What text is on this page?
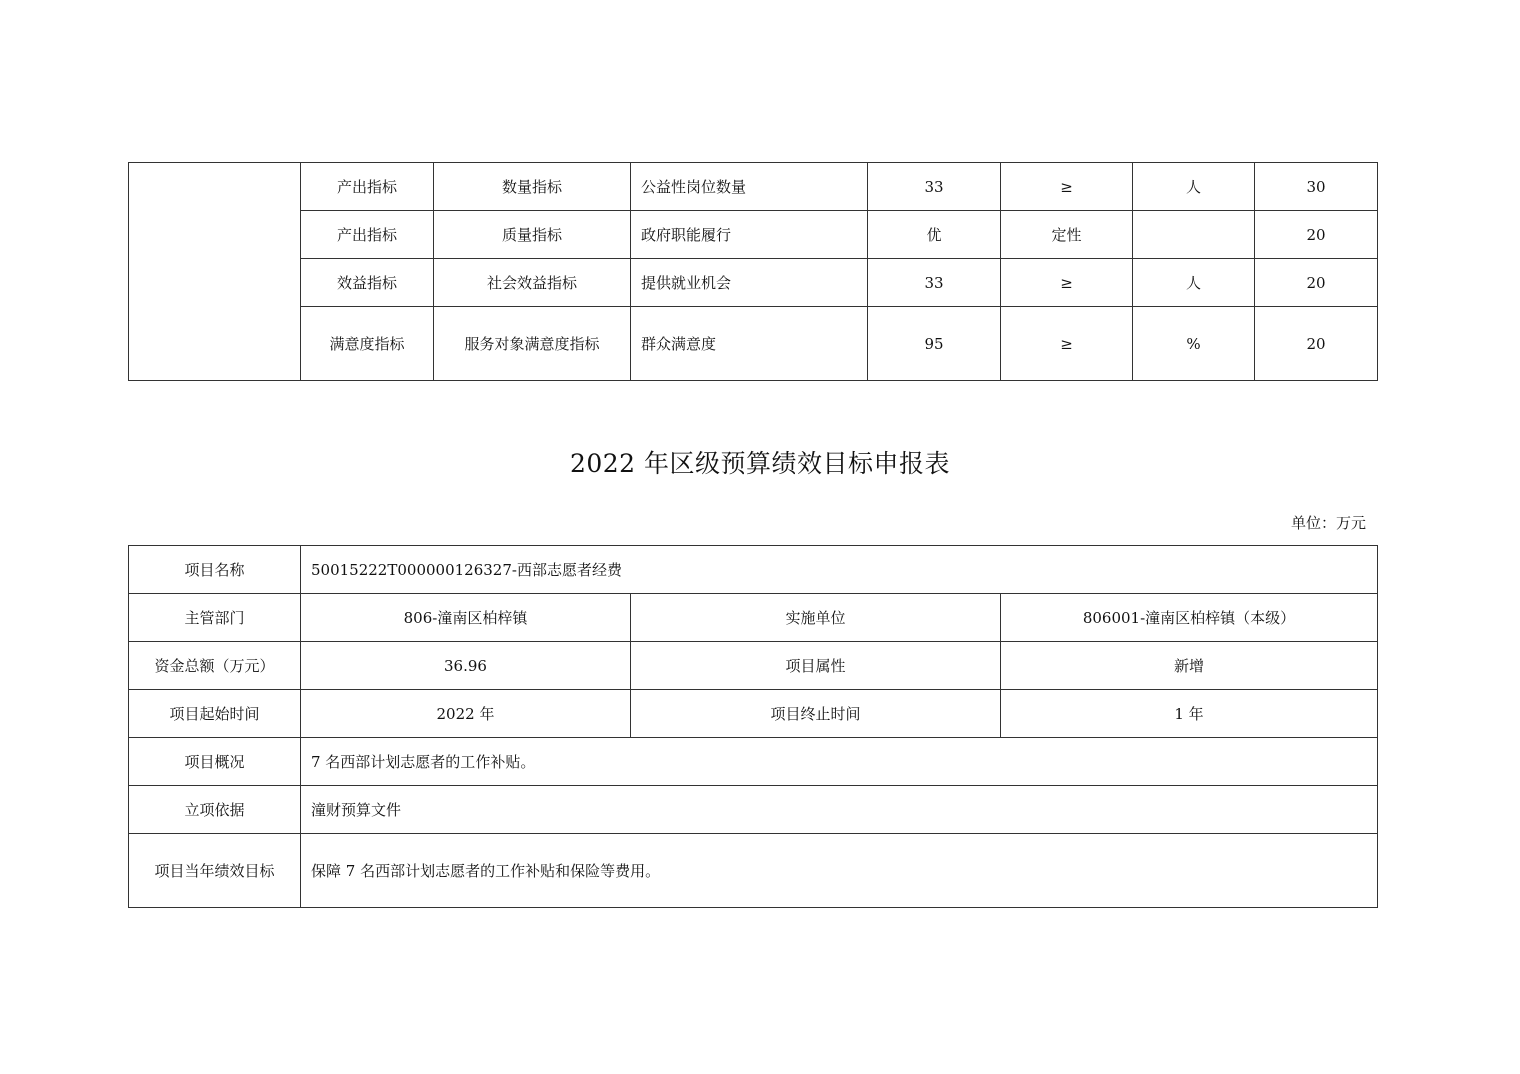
	产出指标	数量指标	公益性岗位数量	33	≥	人	30
	产出指标	质量指标	政府职能履行	优	定性		20
	效益指标	社会效益指标	提供就业机会	33	≥	人	20
	满意度指标	服务对象满意度指标	群众满意度	95	≥	%	20
2022 年区级预算绩效目标申报表
单位：万元
项目名称	50015222T000000126327-西部志愿者经费		
主管部门	806-潼南区柏梓镇	实施单位	806001-潼南区柏梓镇（本级）
资金总额（万元）	36.96	项目属性	新增
项目起始时间	2022 年	项目终止时间	1 年
项目概况	7 名西部计划志愿者的工作补贴。		
立项依据	潼财预算文件		
项目当年绩效目标	保障 7 名西部计划志愿者的工作补贴和保险等费用。		
